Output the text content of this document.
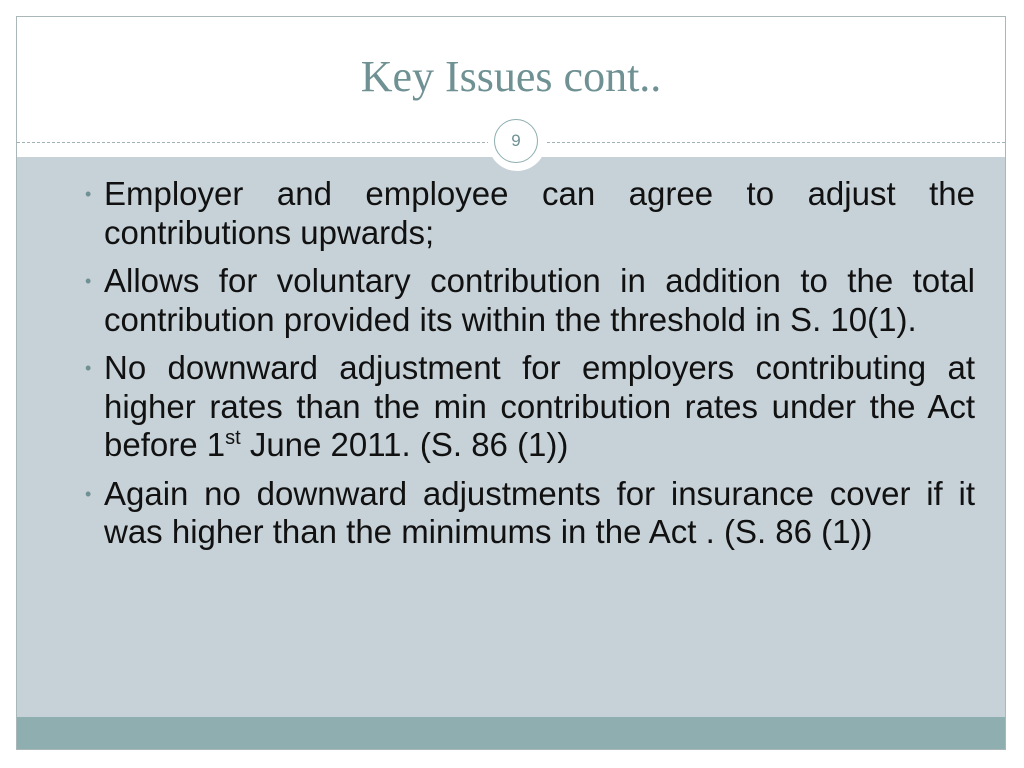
Key Issues cont..
9
• Employer and employee can agree to adjust the contributions upwards;
• Allows for voluntary contribution in addition to the total contribution provided its within the threshold in S. 10(1).
• No downward adjustment for employers contributing at higher rates than the min contribution rates under the Act before 1st June 2011. (S. 86 (1))
• Again no downward adjustments for insurance cover if it was higher than the minimums in the Act . (S. 86 (1))
